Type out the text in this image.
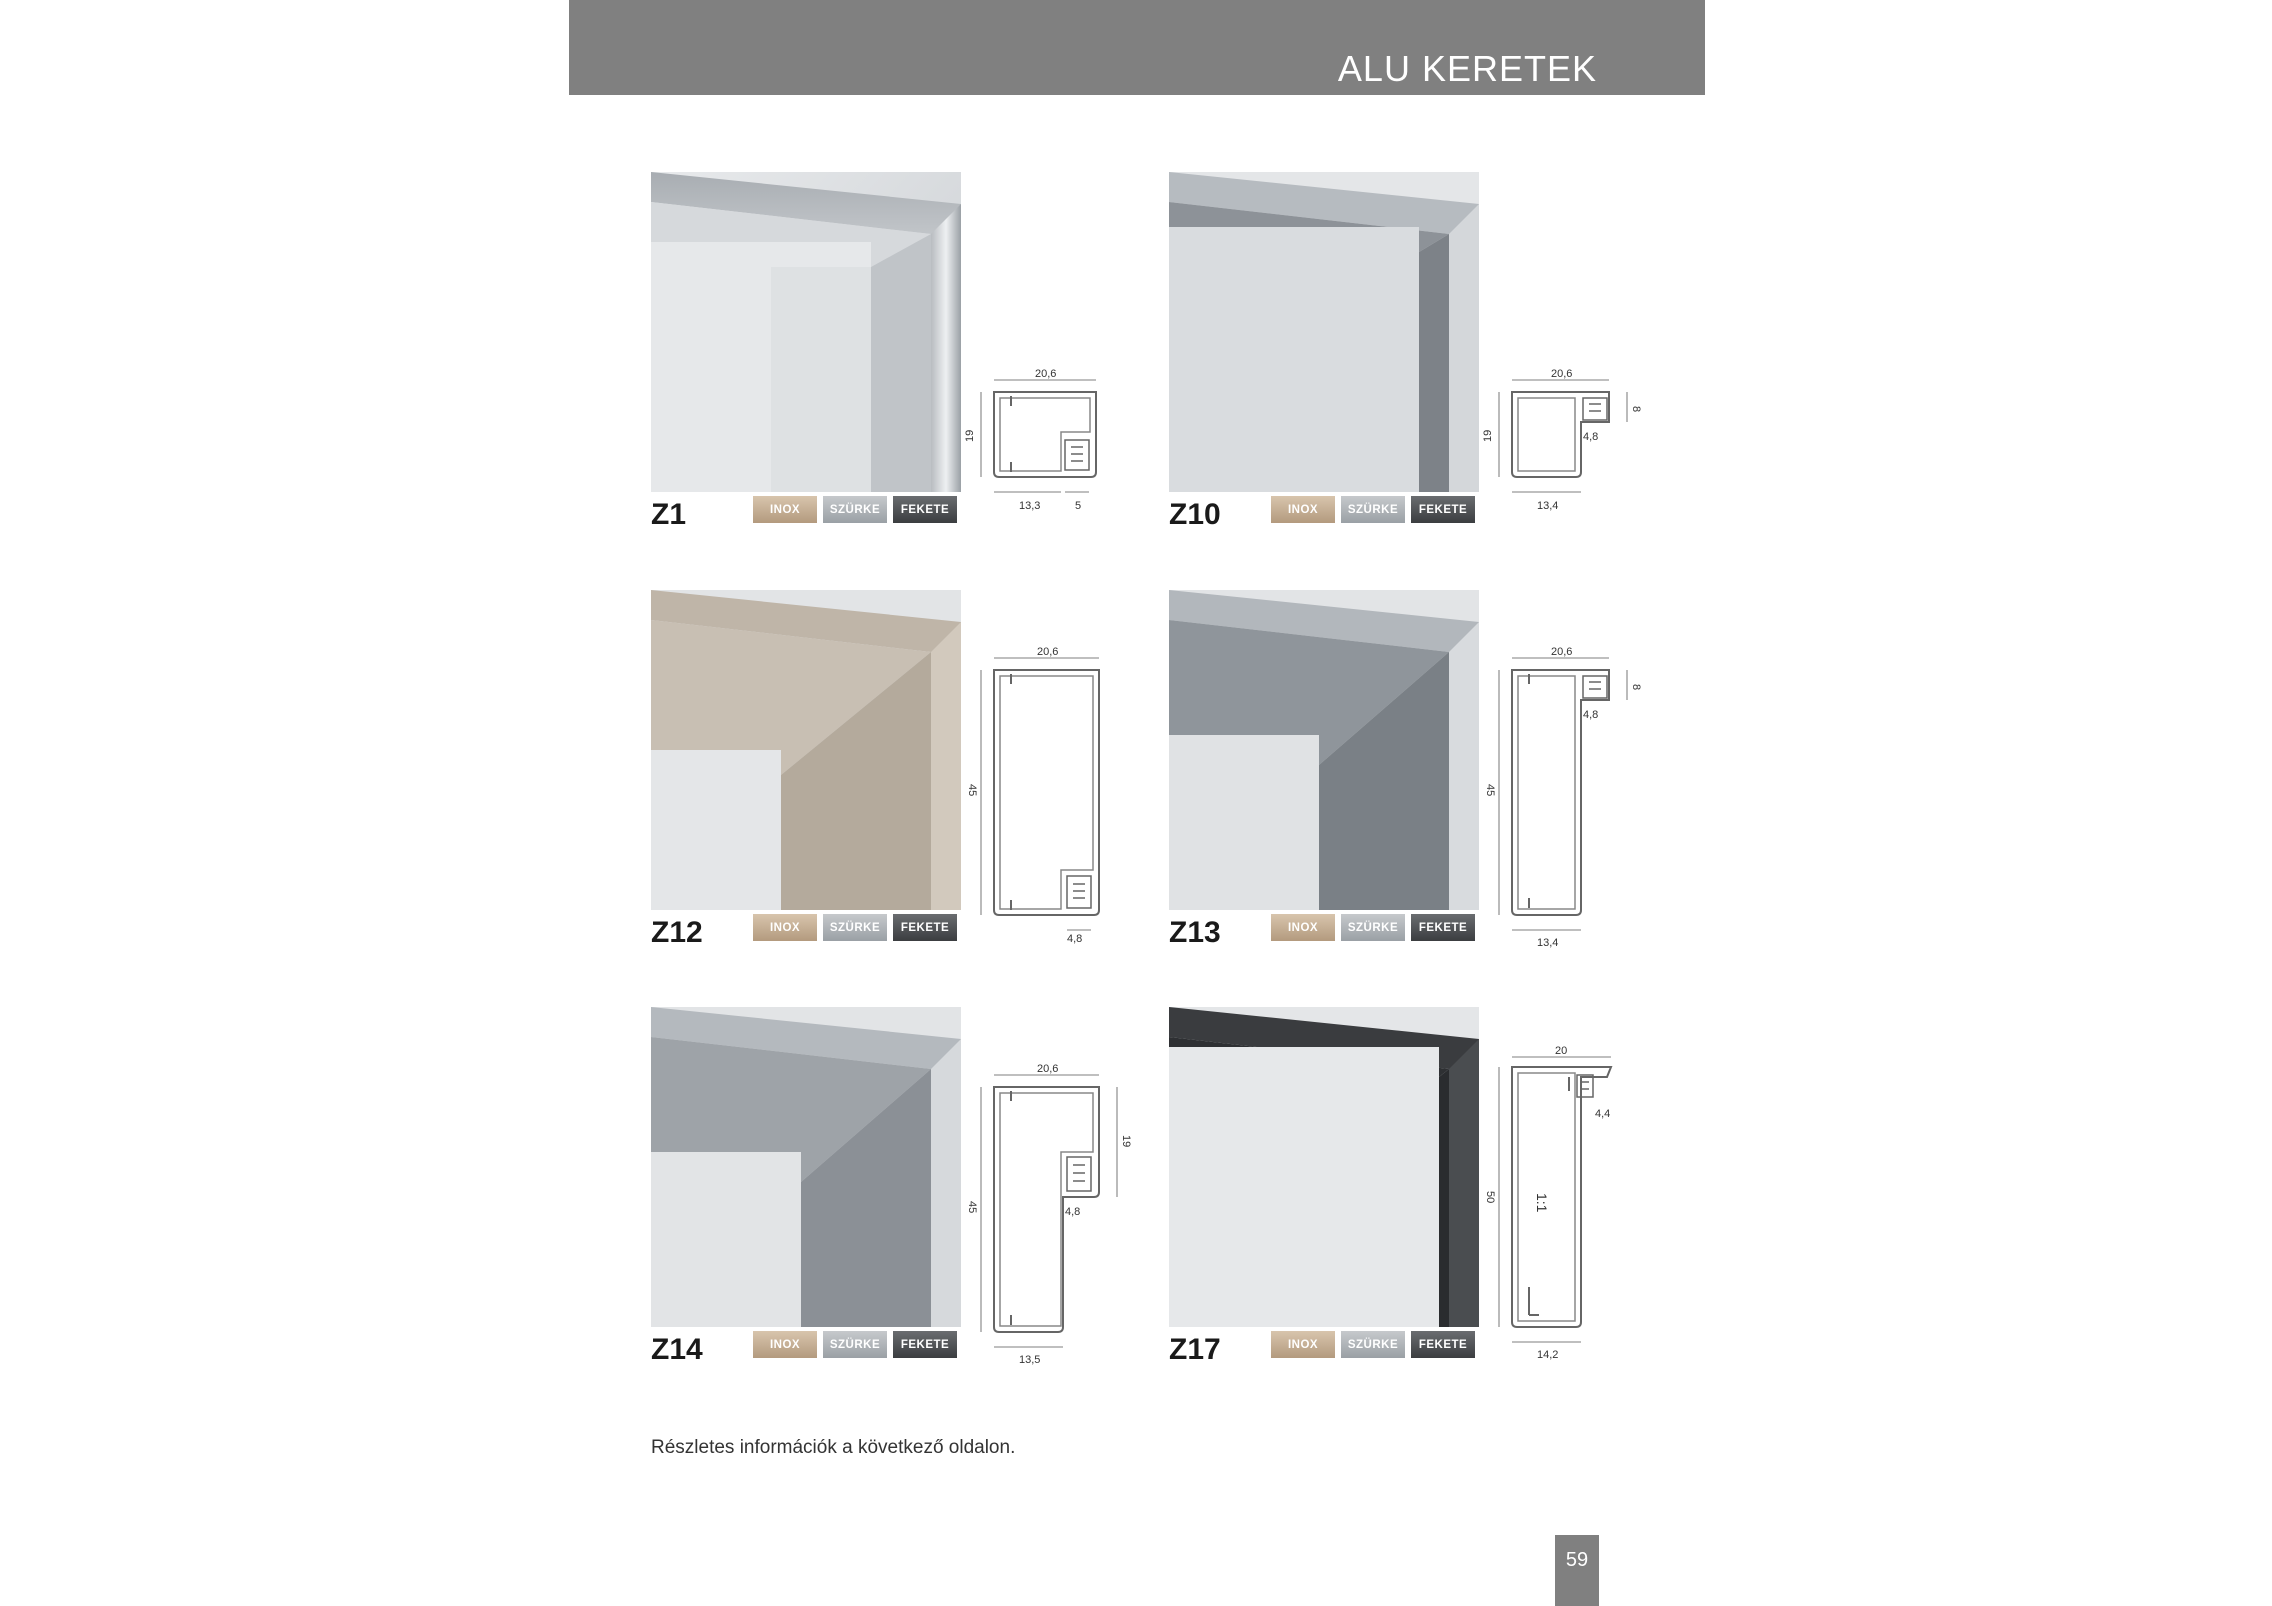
ALU KERETEK
Z1	INOX	SZÜRKE	FEKETE
20,6
19
13,3	5	Z10	INOX	SZÜRKE	FEKETE
20,6
19
8
4,8
13,4
Z12	INOX	SZÜRKE	FEKETE
20,6
45
4,8	Z13	INOX	SZÜRKE	FEKETE
20,6
45
8
4,8
13,4
Z14	INOX	SZÜRKE	FEKETE
20,6
45
19
4,8
13,5	Z17	INOX	SZÜRKE	FEKETE
20
50
4,4
1:1
14,2
Részletes információk a következő oldalon.
59
